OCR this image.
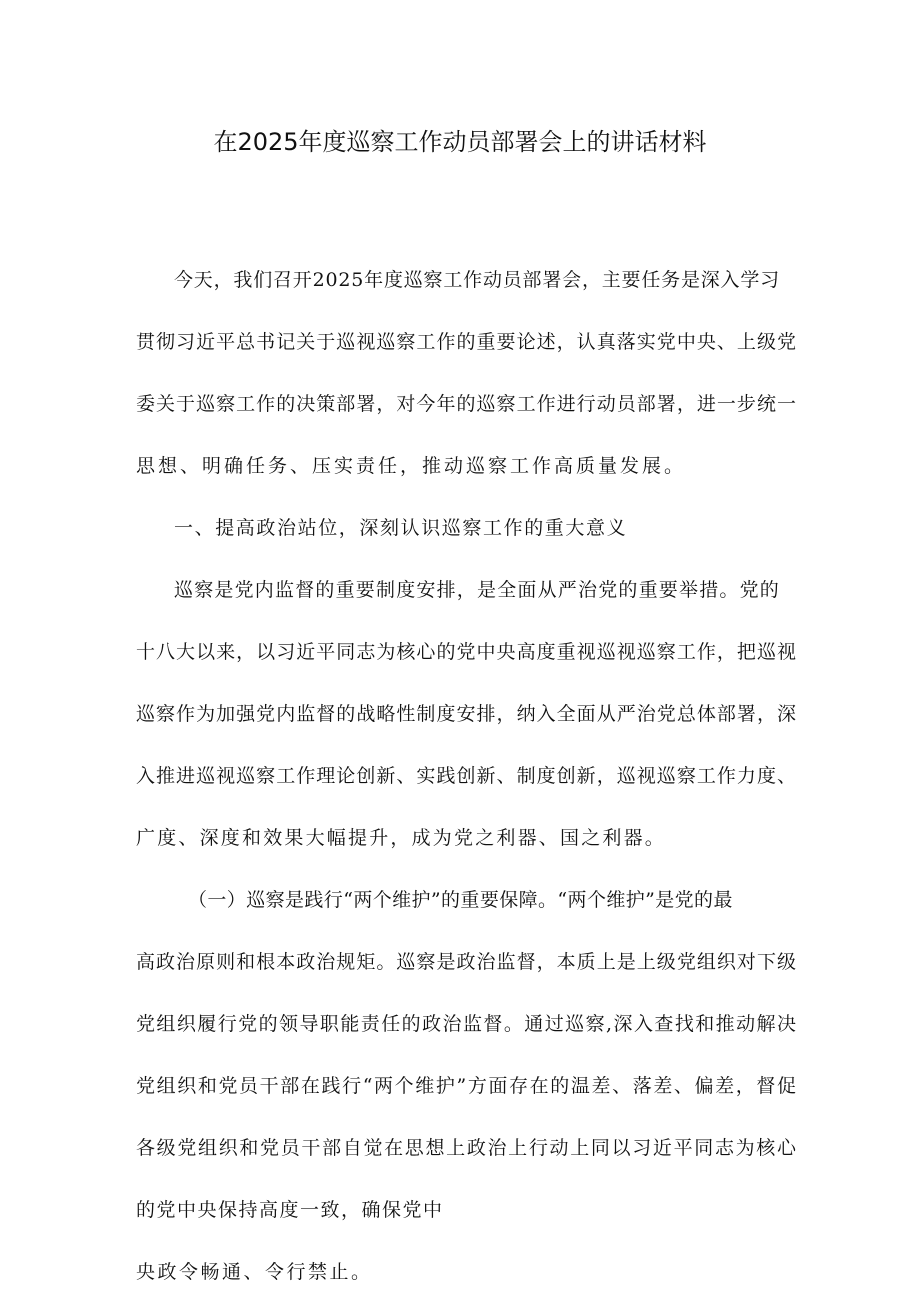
在2025年度巡察工作动员部署会上的讲话材料

今天，我们召开2025年度巡察工作动员部署会，主要任务是深入学习

贯彻习近平总书记关于巡视巡察工作的重要论述，认真落实党中央、上级党

委关于巡察工作的决策部署，对今年的巡察工作进行动员部署，进一步统一

思想、明确任务、压实责任，推动巡察工作高质量发展。

一、提高政治站位，深刻认识巡察工作的重大意义

巡察是党内监督的重要制度安排，是全面从严治党的重要举措。党的

十八大以来，以习近平同志为核心的党中央高度重视巡视巡察工作，把巡视

巡察作为加强党内监督的战略性制度安排，纳入全面从严治党总体部署，深

入推进巡视巡察工作理论创新、实践创新、制度创新，巡视巡察工作力度、

广度、深度和效果大幅提升，成为党之利器、国之利器。

（一）巡察是践行“两个维护”的重要保障。“两个维护”是党的最

高政治原则和根本政治规矩。巡察是政治监督，本质上是上级党组织对下级

党组织履行党的领导职能责任的政治监督。通过巡察,深入查找和推动解决

党组织和党员干部在践行“两个维护”方面存在的温差、落差、偏差，督促

各级党组织和党员干部自觉在思想上政治上行动上同以习近平同志为核心

的党中央保持高度一致，确保党中

央政令畅通、令行禁止。
